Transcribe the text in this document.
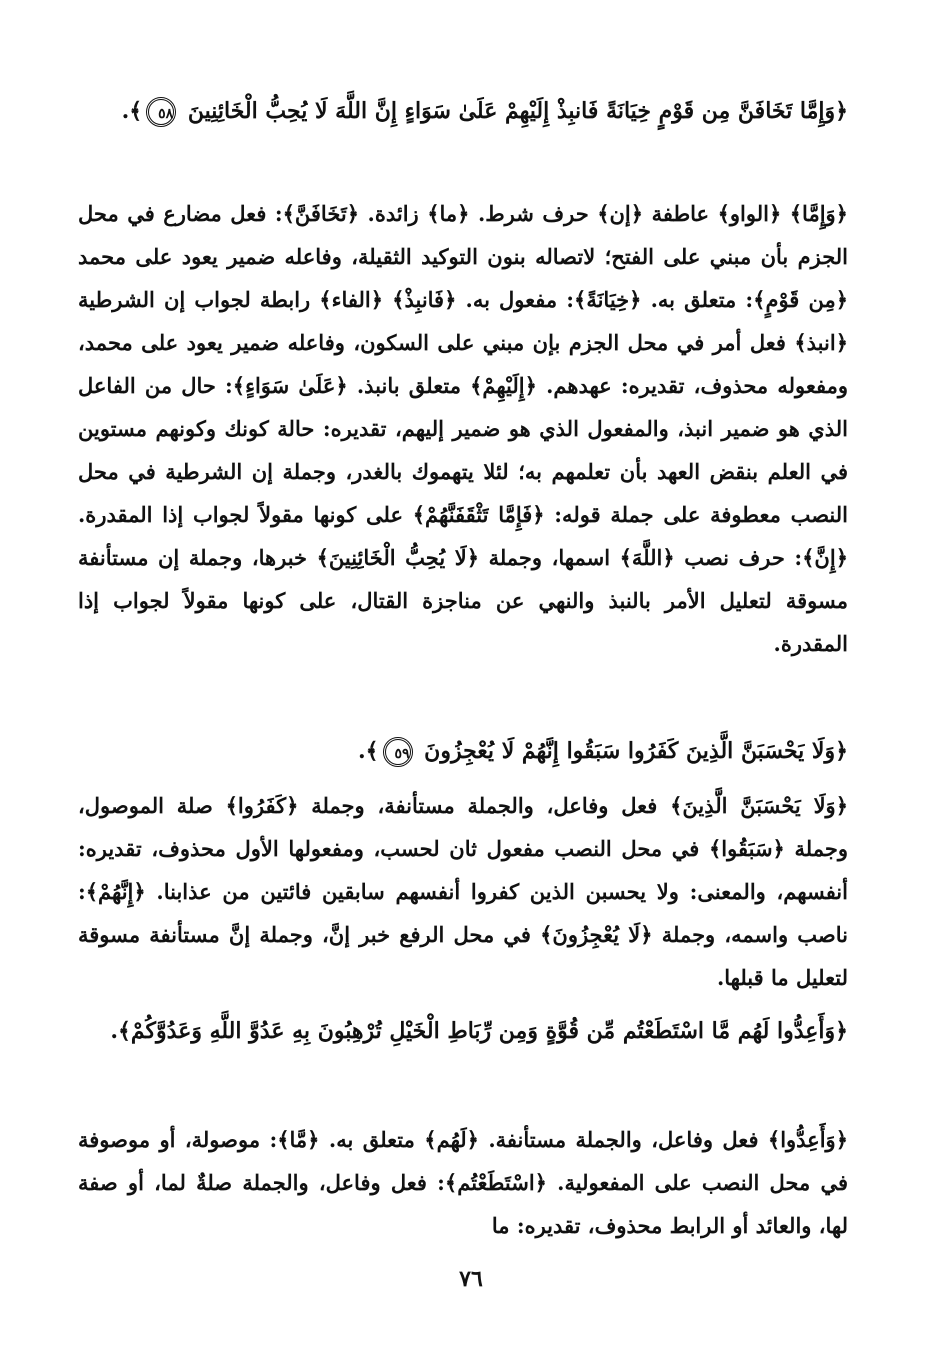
﴿وَإِمَّا تَخَافَنَّ مِن قَوْمٍ خِيَانَةً فَانبِذْ إِلَيْهِمْ عَلَىٰ سَوَاءٍ إِنَّ اللَّهَ لَا يُحِبُّ الْخَائِنِينَ ٥٨﴾.
﴿وَإِمَّا﴾ ﴿الواو﴾ عاطفة ﴿إن﴾ حرف شرط. ﴿ما﴾ زائدة. ﴿تَخَافَنَّ﴾: فعل مضارع في محل الجزم بأن مبني على الفتح؛ لاتصاله بنون التوكيد الثقيلة، وفاعله ضمير يعود على محمد ﴿مِن قَوْمٍ﴾: متعلق به. ﴿خِيَانَةً﴾: مفعول به. ﴿فَانبِذْ﴾ ﴿الفاء﴾ رابطة لجواب إن الشرطية ﴿انبذ﴾ فعل أمر في محل الجزم بإن مبني على السكون، وفاعله ضمير يعود على محمد، ومفعوله محذوف، تقديره: عهدهم. ﴿إِلَيْهِمْ﴾ متعلق بانبذ. ﴿عَلَىٰ سَوَاءٍ﴾: حال من الفاعل الذي هو ضمير انبذ، والمفعول الذي هو ضمير إليهم، تقديره: حالة كونك وكونهم مستوين في العلم بنقض العهد بأن تعلمهم به؛ لئلا يتهموك بالغدر، وجملة إن الشرطية في محل النصب معطوفة على جملة قوله: ﴿فَإِمَّا تَثْقَفَنَّهُمْ﴾ على كونها مقولاً لجواب إذا المقدرة. ﴿إِنَّ﴾: حرف نصب ﴿اللَّهَ﴾ اسمها، وجملة ﴿لَا يُحِبُّ الْخَائِنِينَ﴾ خبرها، وجملة إن مستأنفة مسوقة لتعليل الأمر بالنبذ والنهي عن مناجزة القتال، على كونها مقولاً لجواب إذا المقدرة.
﴿وَلَا يَحْسَبَنَّ الَّذِينَ كَفَرُوا سَبَقُوا إِنَّهُمْ لَا يُعْجِزُونَ ٥٩﴾.
﴿وَلَا يَحْسَبَنَّ الَّذِينَ﴾ فعل وفاعل، والجملة مستأنفة، وجملة ﴿كَفَرُوا﴾ صلة الموصول، وجملة ﴿سَبَقُوا﴾ في محل النصب مفعول ثان لحسب، ومفعولها الأول محذوف، تقديره: أنفسهم، والمعنى: ولا يحسبن الذين كفروا أنفسهم سابقين فائتين من عذابنا. ﴿إِنَّهُمْ﴾: ناصب واسمه، وجملة ﴿لَا يُعْجِزُونَ﴾ في محل الرفع خبر إنَّ، وجملة إنَّ مستأنفة مسوقة لتعليل ما قبلها.
﴿وَأَعِدُّوا لَهُم مَّا اسْتَطَعْتُم مِّن قُوَّةٍ وَمِن رِّبَاطِ الْخَيْلِ تُرْهِبُونَ بِهِ عَدُوَّ اللَّهِ وَعَدُوَّكُمْ﴾.
﴿وَأَعِدُّوا﴾ فعل وفاعل، والجملة مستأنفة. ﴿لَهُم﴾ متعلق به. ﴿مَّا﴾: موصولة، أو موصوفة في محل النصب على المفعولية. ﴿اسْتَطَعْتُم﴾: فعل وفاعل، والجملة صلةٌ لما، أو صفة لها، والعائد أو الرابط محذوف، تقديره: ما
٧٦
